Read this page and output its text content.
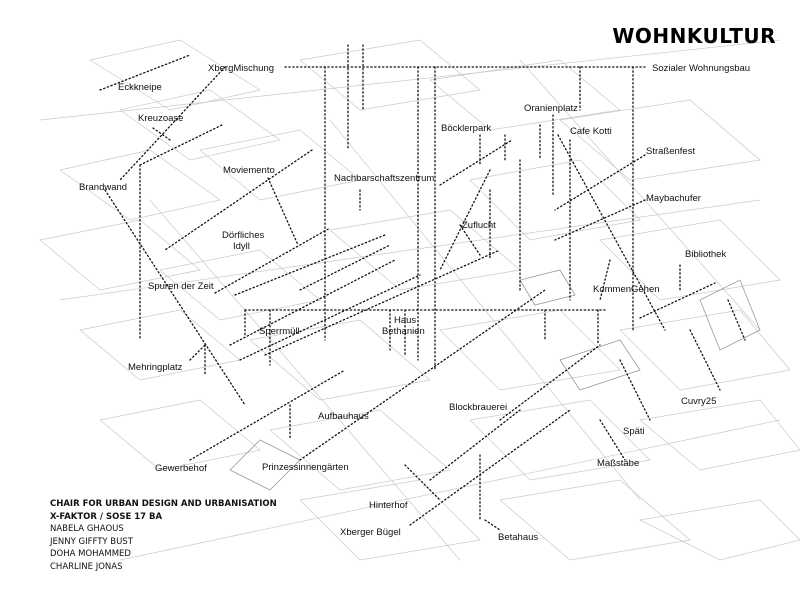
Eckkneipe
XbergMischung	Sozialer Wohnungsbau
Kreuzoase
Oranienplatz
Böcklerpark	Cafe Kotti
Straßenfest
Moviemento
Nachbarschaftszentrum
Brandwand
Maybachufer
Zuflucht
Dörfliches
Idyll
Bibliothek
Spuren der Zeit	KommenGehen
Sperrmüll
Haus
Bethanien
Mehringplatz
Aufbauhaus
Blockbrauerei
Cuvry25
Späti
Maßstäbe
Gewerbehof	Prinzessinnengärten
Hinterhof
Xberger Bügel	Betahaus
WOHNKULTUR
CHAIR FOR URBAN DESIGN AND URBANISATION
X-FAKTOR / SOSE 17 BA
NABELA GHAOUS
JENNY GIFFTY BUST
DOHA MOHAMMED
CHARLINE JONAS
